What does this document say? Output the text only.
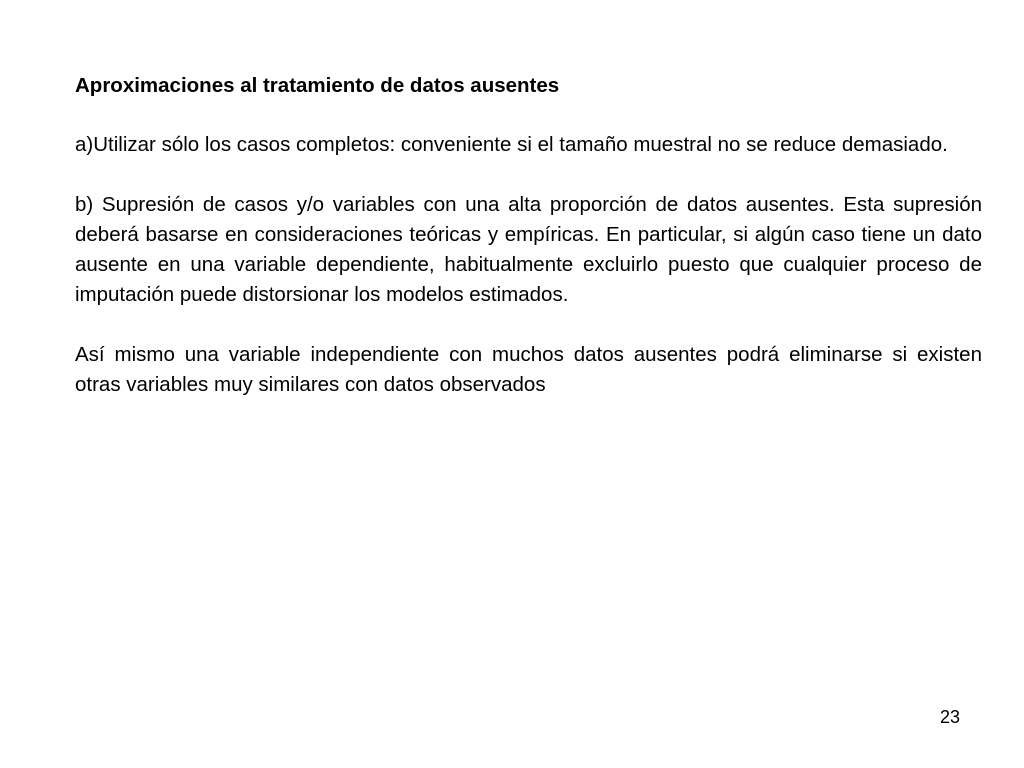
Aproximaciones al tratamiento de datos ausentes
a)Utilizar sólo los casos completos: conveniente si el tamaño muestral no se reduce demasiado.
b) Supresión de casos y/o variables con una alta proporción de datos ausentes. Esta supresión deberá basarse en consideraciones teóricas y empíricas. En particular, si algún caso tiene un dato ausente en una variable dependiente, habitualmente excluirlo puesto que cualquier proceso de imputación puede distorsionar los modelos estimados.
Así mismo una variable independiente con muchos datos ausentes podrá eliminarse si existen otras variables muy similares con datos observados
23
